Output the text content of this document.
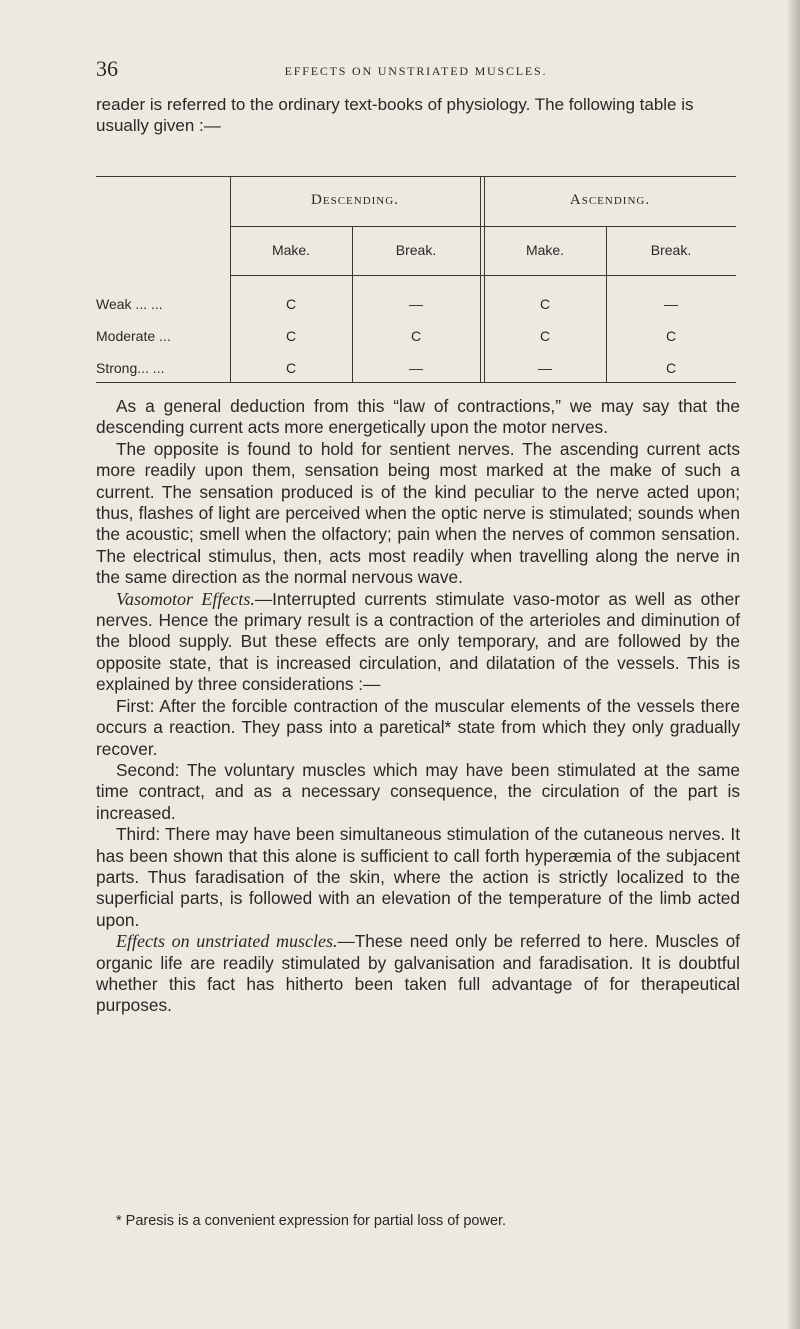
36	EFFECTS ON UNSTRIATED MUSCLES.

reader is referred to the ordinary text-books of physiology. The following table is usually given :—

Descending.	Ascending.
Make.	Break.	Make.	Break.
Weak ... ...	C	—	C	—
Moderate ...	C	C	C	C
Strong... ...	C	—	—	C

As a general deduction from this “law of contractions,” we may say that the descending current acts more energetically upon the motor nerves.

The opposite is found to hold for sentient nerves. The ascending current acts more readily upon them, sensation being most marked at the make of such a current. The sensation produced is of the kind peculiar to the nerve acted upon; thus, flashes of light are perceived when the optic nerve is stimulated; sounds when the acoustic; smell when the olfactory; pain when the nerves of common sensation. The electrical stimulus, then, acts most readily when travelling along the nerve in the same direction as the normal nervous wave.

Vasomotor Effects.—Interrupted currents stimulate vaso-motor as well as other nerves. Hence the primary result is a contraction of the arterioles and diminution of the blood supply. But these effects are only temporary, and are followed by the opposite state, that is increased circulation, and dilatation of the vessels. This is explained by three considerations :—

First: After the forcible contraction of the muscular elements of the vessels there occurs a reaction. They pass into a paretical* state from which they only gradually recover.

Second: The voluntary muscles which may have been stimulated at the same time contract, and as a necessary consequence, the circulation of the part is increased.

Third: There may have been simultaneous stimulation of the cutaneous nerves. It has been shown that this alone is sufficient to call forth hyperæmia of the subjacent parts. Thus faradisation of the skin, where the action is strictly localized to the superficial parts, is followed with an elevation of the temperature of the limb acted upon.

Effects on unstriated muscles.—These need only be referred to here. Muscles of organic life are readily stimulated by galvanisation and faradisation. It is doubtful whether this fact has hitherto been taken full advantage of for therapeutical purposes.

* Paresis is a convenient expression for partial loss of power.
